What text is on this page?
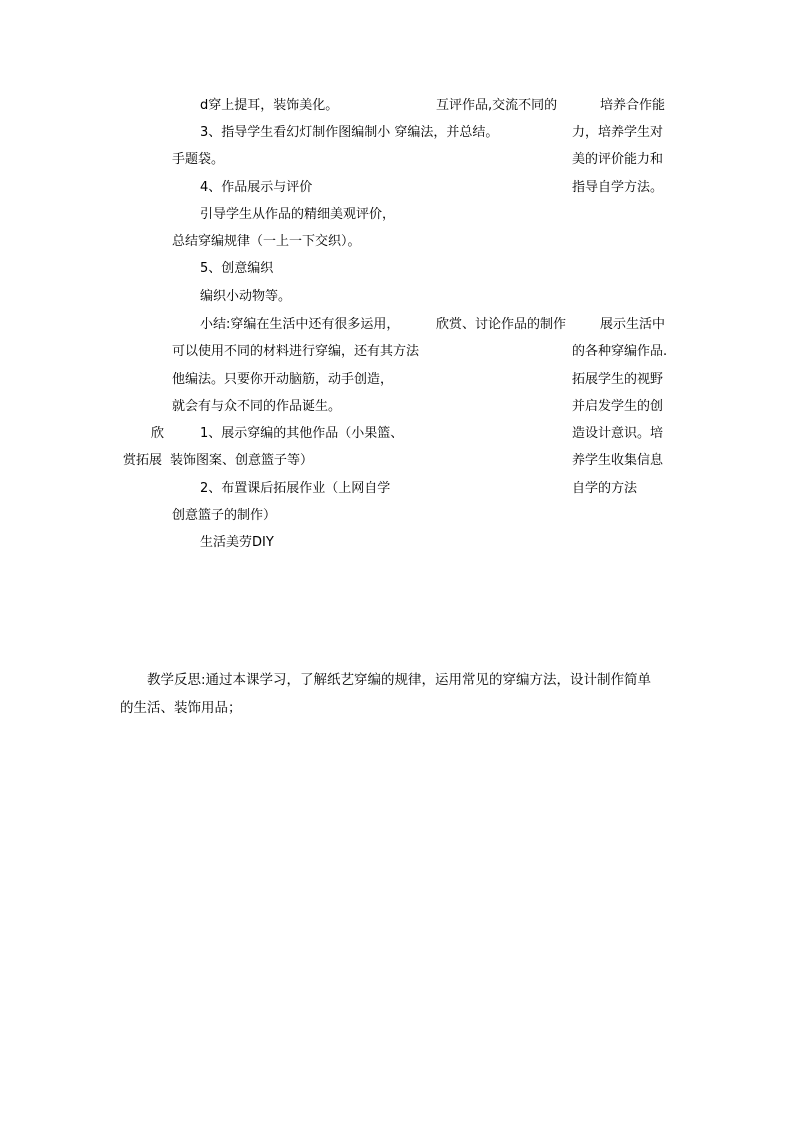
欣
赏拓展
d穿上提耳，装饰美化。
3、指导学生看幻灯制作图编制小 穿编法，并总结。
手题袋。
4、作品展示与评价
引导学生从作品的精细美观评价，
总结穿编规律（一上一下交织）。
5、创意编织
编织小动物等。
小结:穿编在生活中还有很多运用，
可以使用不同的材料进行穿编，还有其方法
他编法。只要你开动脑筋，动手创造，
就会有与众不同的作品诞生。
1、展示穿编的其他作品（小果篮、
装饰图案、创意篮子等）
2、布置课后拓展作业（上网自学
创意篮子的制作）
生活美劳DIY
互评作品,交流不同的
欣赏、讨论作品的制作
培养合作能
力，培养学生对
美的评价能力和
指导自学方法。
展示生活中
的各种穿编作品.
拓展学生的视野
并启发学生的创
造设计意识。培
养学生收集信息
自学的方法
教学反思:通过本课学习，了解纸艺穿编的规律，运用常见的穿编方法，设计制作简单
的生活、装饰用品；
